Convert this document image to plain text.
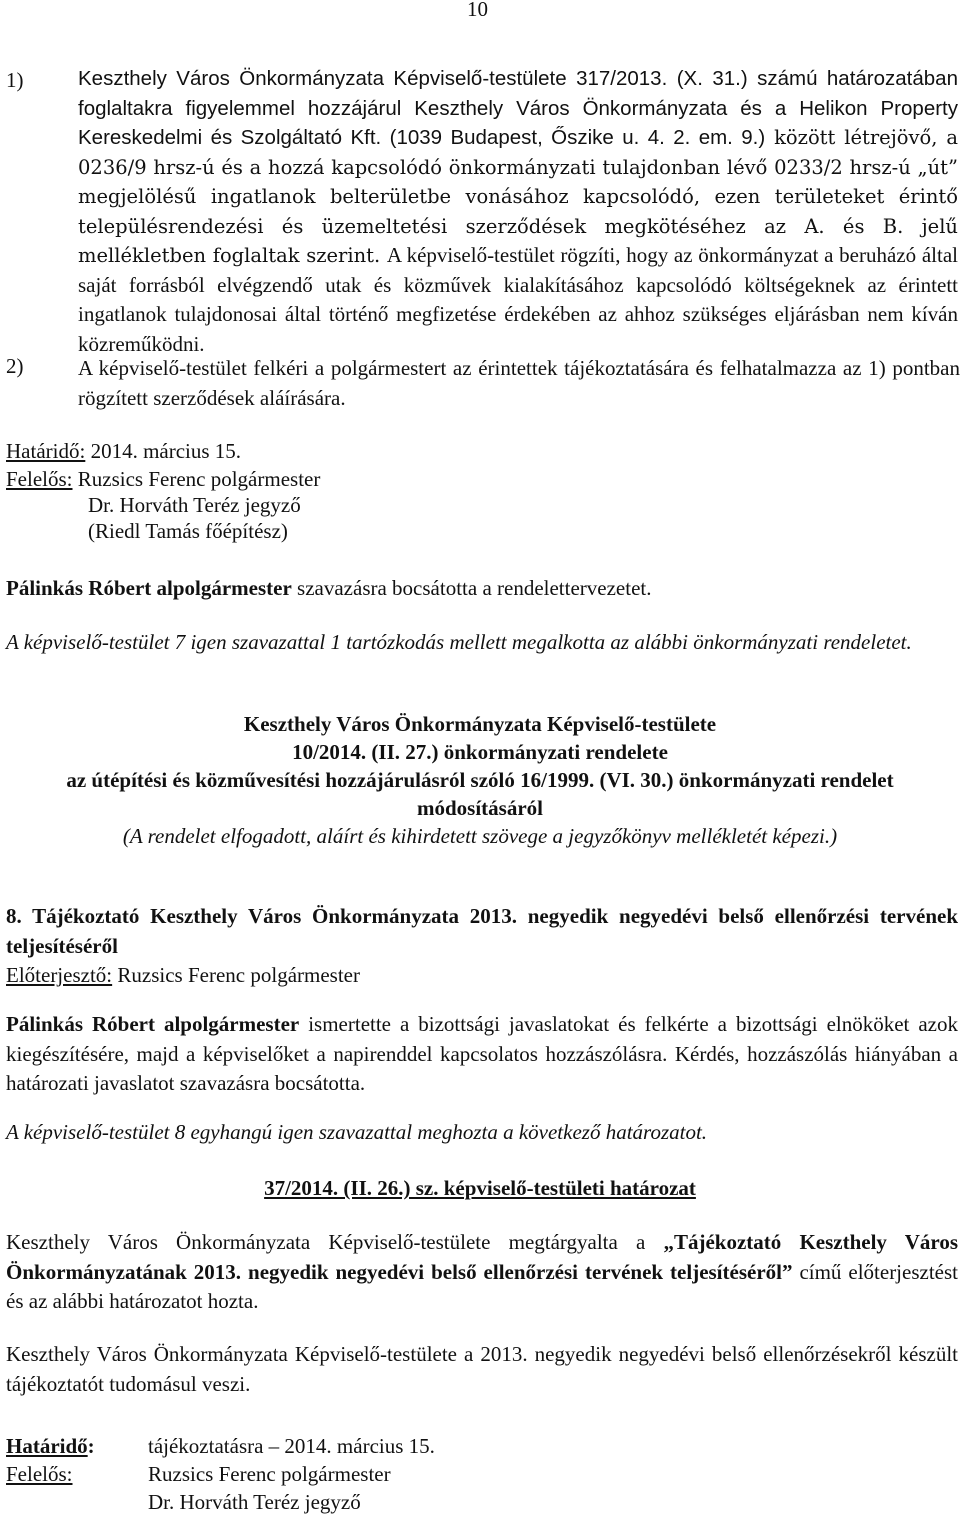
10
1)	Keszthely Város Önkormányzata Képviselő-testülete 317/2013. (X. 31.) számú határozatában foglaltakra figyelemmel hozzájárul Keszthely Város Önkormányzata és a Helikon Property Kereskedelmi és Szolgáltató Kft. (1039 Budapest, Őszike u. 4. 2. em. 9.) között létrejövő, a 0236/9 hrsz-ú és a hozzá kapcsolódó önkormányzati tulajdonban lévő 0233/2 hrsz-ú „út” megjelölésű ingatlanok belterületbe vonásához kapcsolódó, ezen területeket érintő településrendezési és üzemeltetési szerződések megkötéséhez az A. és B. jelű mellékletben foglaltak szerint. A képviselő-testület rögzíti, hogy az önkormányzat a beruházó által saját forrásból elvégzendő utak és közművek kialakításához kapcsolódó költségeknek az érintett ingatlanok tulajdonosai által történő megfizetése érdekében az ahhoz szükséges eljárásban nem kíván közreműködni.

2)	A képviselő-testület felkéri a polgármestert az érintettek tájékoztatására és felhatalmazza az 1) pontban rögzített szerződések aláírására.

Határidő: 2014. március 15.
Felelős: Ruzsics Ferenc polgármester
Dr. Horváth Teréz jegyző
(Riedl Tamás főépítész)

Pálinkás Róbert alpolgármester szavazásra bocsátotta a rendelettervezetet.

A képviselő-testület 7 igen szavazattal 1 tartózkodás mellett megalkotta az alábbi önkormányzati rendeletet.

Keszthely Város Önkormányzata Képviselő-testülete
10/2014. (II. 27.) önkormányzati rendelete
az útépítési és közművesítési hozzájárulásról szóló 16/1999. (VI. 30.) önkormányzati rendelet
módosításáról
(A rendelet elfogadott, aláírt és kihirdetett szövege a jegyzőkönyv mellékletét képezi.)

8. Tájékoztató Keszthely Város Önkormányzata 2013. negyedik negyedévi belső ellenőrzési tervének teljesítéséről

Előterjesztő: Ruzsics Ferenc polgármester

Pálinkás Róbert alpolgármester ismertette a bizottsági javaslatokat és felkérte a bizottsági elnököket azok kiegészítésére, majd a képviselőket a napirenddel kapcsolatos hozzászólásra. Kérdés, hozzászólás hiányában a határozati javaslatot szavazásra bocsátotta.

A képviselő-testület 8 egyhangú igen szavazattal meghozta a következő határozatot.

37/2014. (II. 26.) sz. képviselő-testületi határozat

Keszthely Város Önkormányzata Képviselő-testülete megtárgyalta a „Tájékoztató Keszthely Város Önkormányzatának 2013. negyedik negyedévi belső ellenőrzési tervének teljesítéséről” című előterjesztést és az alábbi határozatot hozta.

Keszthely Város Önkormányzata Képviselő-testülete a 2013. negyedik negyedévi belső ellenőrzésekről készült tájékoztatót tudomásul veszi.

Határidő:
Felelős:
tájékoztatásra – 2014. március 15.
Ruzsics Ferenc polgármester
Dr. Horváth Teréz jegyző
